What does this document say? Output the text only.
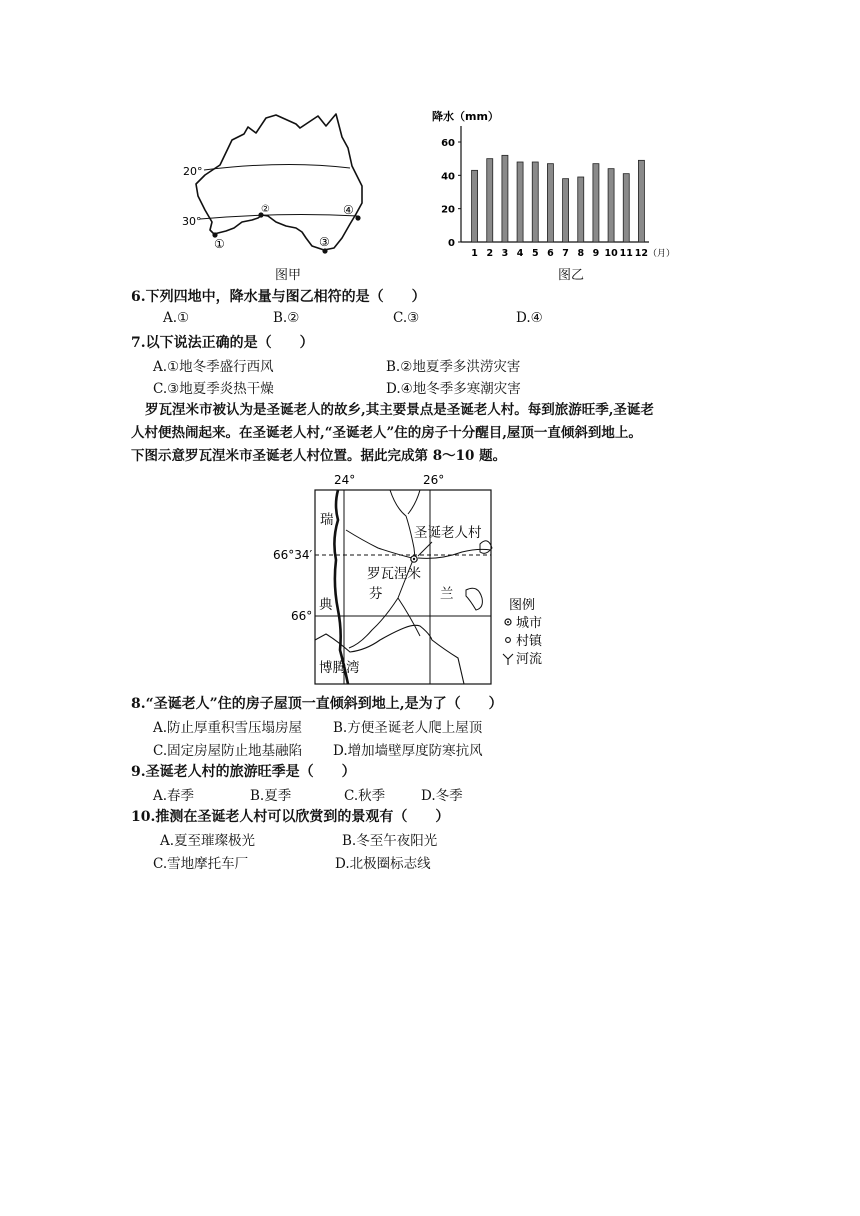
20°
30°
①
②
③
④
图甲
降水（mm）
0
20
40
60
1 2 3 4 5 6 7 8 9 10 11 12 （月）
图乙
6.下列四地中，降水量与图乙相符的是（　　）
A.①	B.②	C.③	D.④
7.以下说法正确的是（　　）
A.①地冬季盛行西风	B.②地夏季多洪涝灾害
C.③地夏季炎热干燥	D.④地冬季多寒潮灾害
罗瓦涅米市被认为是圣诞老人的故乡,其主要景点是圣诞老人村。每到旅游旺季,圣诞老
人村便热闹起来。在圣诞老人村,“圣诞老人”住的房子十分醒目,屋顶一直倾斜到地上。
下图示意罗瓦涅米市圣诞老人村位置。据此完成第 8～10 题。
24°	26°
66°34′
66°
圣诞老人村
罗瓦涅米
瑞
典
芬	兰
博腾湾
图例
城市
村镇
河流
8.“圣诞老人”住的房子屋顶一直倾斜到地上,是为了（　　）
A.防止厚重积雪压塌房屋 B.方便圣诞老人爬上屋顶
C.固定房屋防止地基融陷 D.增加墙壁厚度防寒抗风
9.圣诞老人村的旅游旺季是（　　）
A.春季	B.夏季	C.秋季	D.冬季
10.推测在圣诞老人村可以欣赏到的景观有（　　）
A.夏至璀璨极光	B.冬至午夜阳光
C.雪地摩托车厂	D.北极圈标志线
